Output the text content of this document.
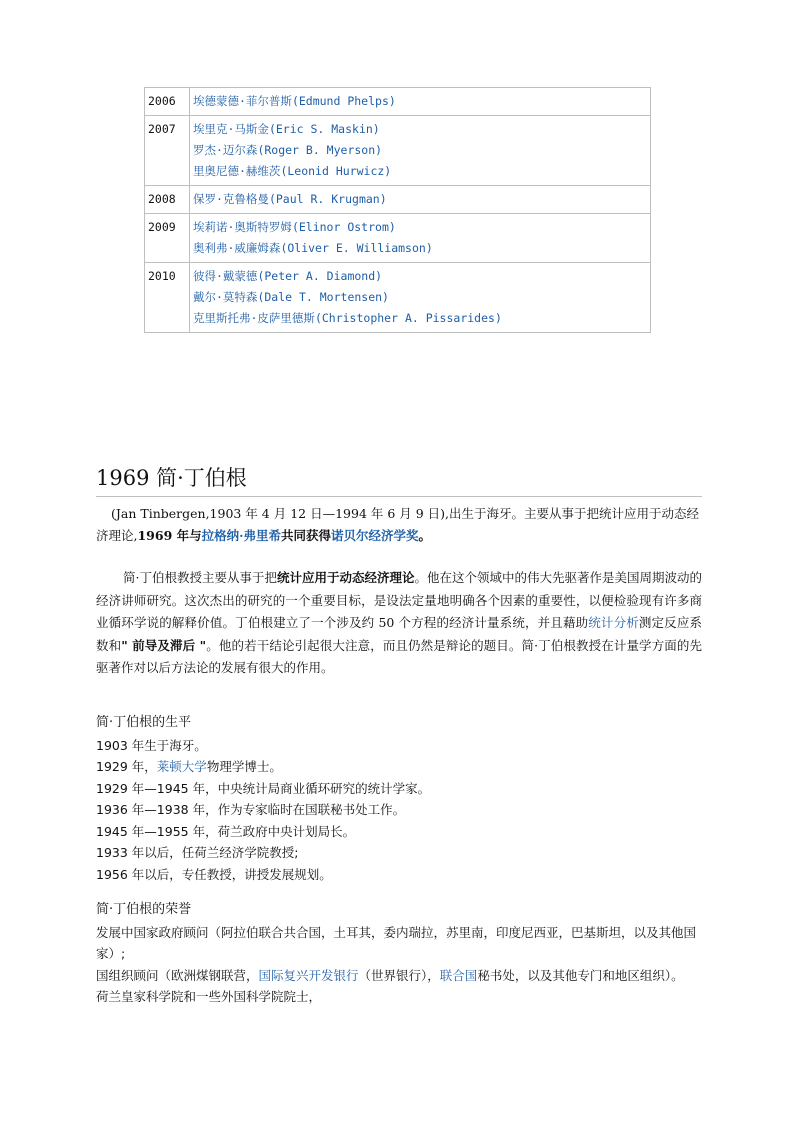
2006	埃德蒙德·菲尔普斯(Edmund Phelps)

2007	埃里克·马斯金(Eric S. Maskin)
罗杰·迈尔森(Roger B. Myerson)
里奥尼德·赫维茨(Leonid Hurwicz)

2008	保罗·克鲁格曼(Paul R. Krugman)

2009	埃莉诺·奥斯特罗姆(Elinor Ostrom)
奥利弗·威廉姆森(Oliver E. Williamson)

2010	彼得·戴蒙德(Peter A. Diamond)
戴尔·莫特森(Dale T. Mortensen)
克里斯托弗·皮萨里德斯(Christopher A. Pissarides)
1969 简·丁伯根

(Jan Tinbergen,1903 年 4 月 12 日—1994 年 6 月 9 日),出生于海牙。主要从事于把统计应用于动态经济理论,1969 年与拉格纳·弗里希共同获得诺贝尔经济学奖。

简·丁伯根教授主要从事于把统计应用于动态经济理论。他在这个领域中的伟大先驱著作是美国周期波动的经济讲师研究。这次杰出的研究的一个重要目标，是设法定量地明确各个因素的重要性，以便检验现有许多商业循环学说的解释价值。丁伯根建立了一个涉及约 50 个方程的经济计量系统，并且藉助统计分析测定反应系数和" 前导及滞后 "。他的若干结论引起很大注意，而且仍然是辩论的题目。简·丁伯根教授在计量学方面的先驱著作对以后方法论的发展有很大的作用。

简·丁伯根的生平
1903 年生于海牙。
1929 年，莱顿大学物理学博士。
1929 年—1945 年，中央统计局商业循环研究的统计学家。
1936 年—1938 年，作为专家临时在国联秘书处工作。
1945 年—1955 年，荷兰政府中央计划局长。
1933 年以后，任荷兰经济学院教授;
1956 年以后，专任教授，讲授发展规划。
简·丁伯根的荣誉
发展中国家政府顾问（阿拉伯联合共合国，土耳其，委内瑞拉，苏里南，印度尼西亚，巴基斯坦，以及其他国家）;
国组织顾问（欧洲煤钢联营，国际复兴开发银行（世界银行），联合国秘书处，以及其他专门和地区组织）。
荷兰皇家科学院和一些外国科学院院士，
